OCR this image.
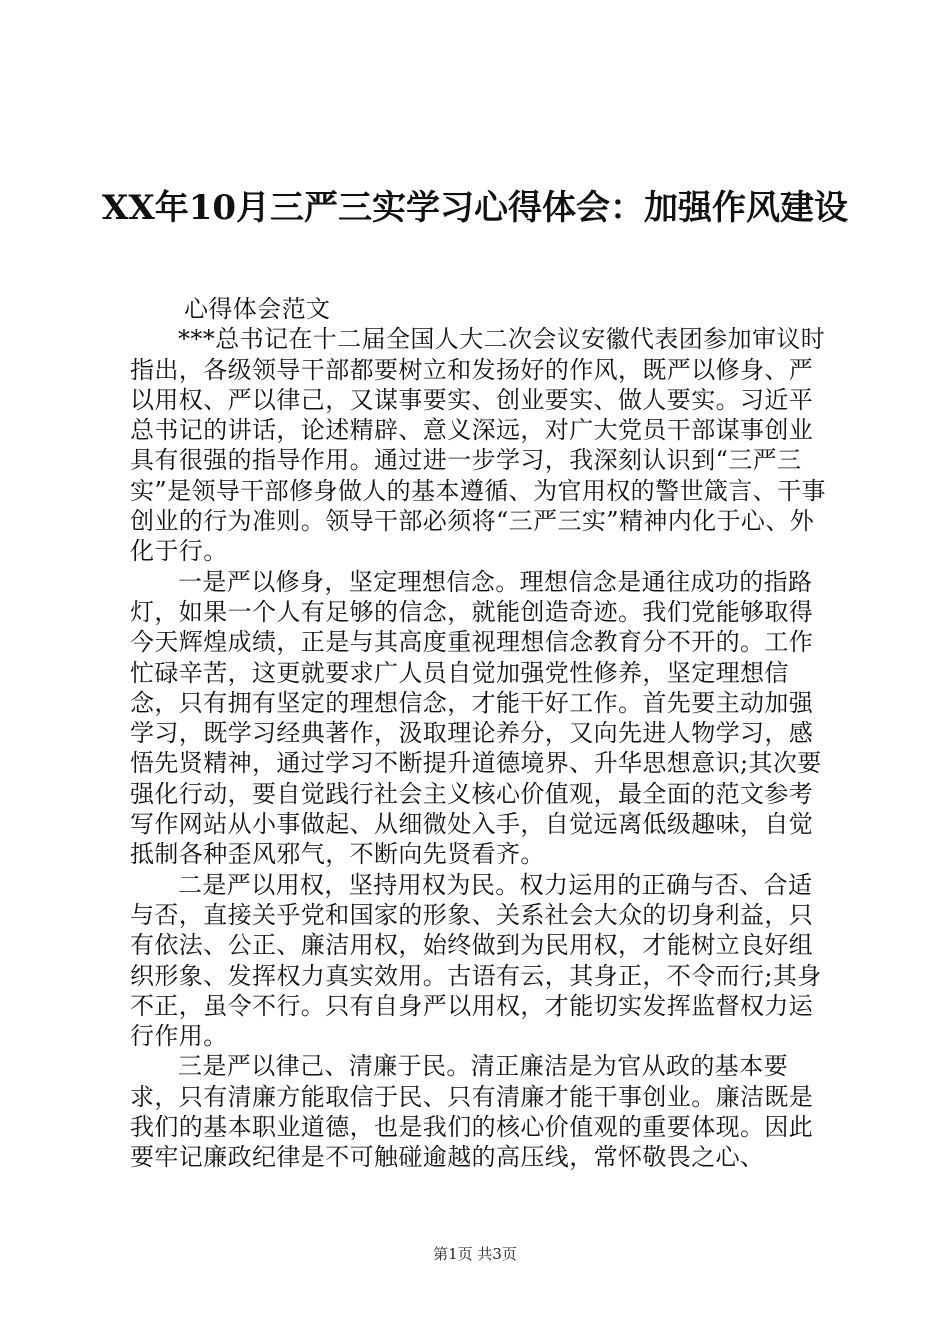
XX年10月三严三实学习心得体会：加强作风建设

心得体会范文

***总书记在十二届全国人大二次会议安徽代表团参加审议时指出，各级领导干部都要树立和发扬好的作风，既严以修身、严以用权、严以律己，又谋事要实、创业要实、做人要实。习近平总书记的讲话，论述精辟、意义深远，对广大党员干部谋事创业具有很强的指导作用。通过进一步学习，我深刻认识到“三严三实”是领导干部修身做人的基本遵循、为官用权的警世箴言、干事创业的行为准则。领导干部必须将“三严三实”精神内化于心、外化于行。

一是严以修身，坚定理想信念。理想信念是通往成功的指路灯，如果一个人有足够的信念，就能创造奇迹。我们党能够取得今天辉煌成绩，正是与其高度重视理想信念教育分不开的。工作忙碌辛苦，这更就要求广人员自觉加强党性修养，坚定理想信念，只有拥有坚定的理想信念，才能干好工作。首先要主动加强学习，既学习经典著作，汲取理论养分，又向先进人物学习，感悟先贤精神，通过学习不断提升道德境界、升华思想意识;其次要强化行动，要自觉践行社会主义核心价值观，最全面的范文参考写作网站从小事做起、从细微处入手，自觉远离低级趣味，自觉抵制各种歪风邪气，不断向先贤看齐。

二是严以用权，坚持用权为民。权力运用的正确与否、合适与否，直接关乎党和国家的形象、关系社会大众的切身利益，只有依法、公正、廉洁用权，始终做到为民用权，才能树立良好组织形象、发挥权力真实效用。古语有云，其身正，不令而行;其身不正，虽令不行。只有自身严以用权，才能切实发挥监督权力运行作用。

三是严以律己、清廉于民。清正廉洁是为官从政的基本要求，只有清廉方能取信于民、只有清廉才能干事创业。廉洁既是我们的基本职业道德，也是我们的核心价值观的重要体现。因此要牢记廉政纪律是不可触碰逾越的高压线，常怀敬畏之心、

第1页 共3页
